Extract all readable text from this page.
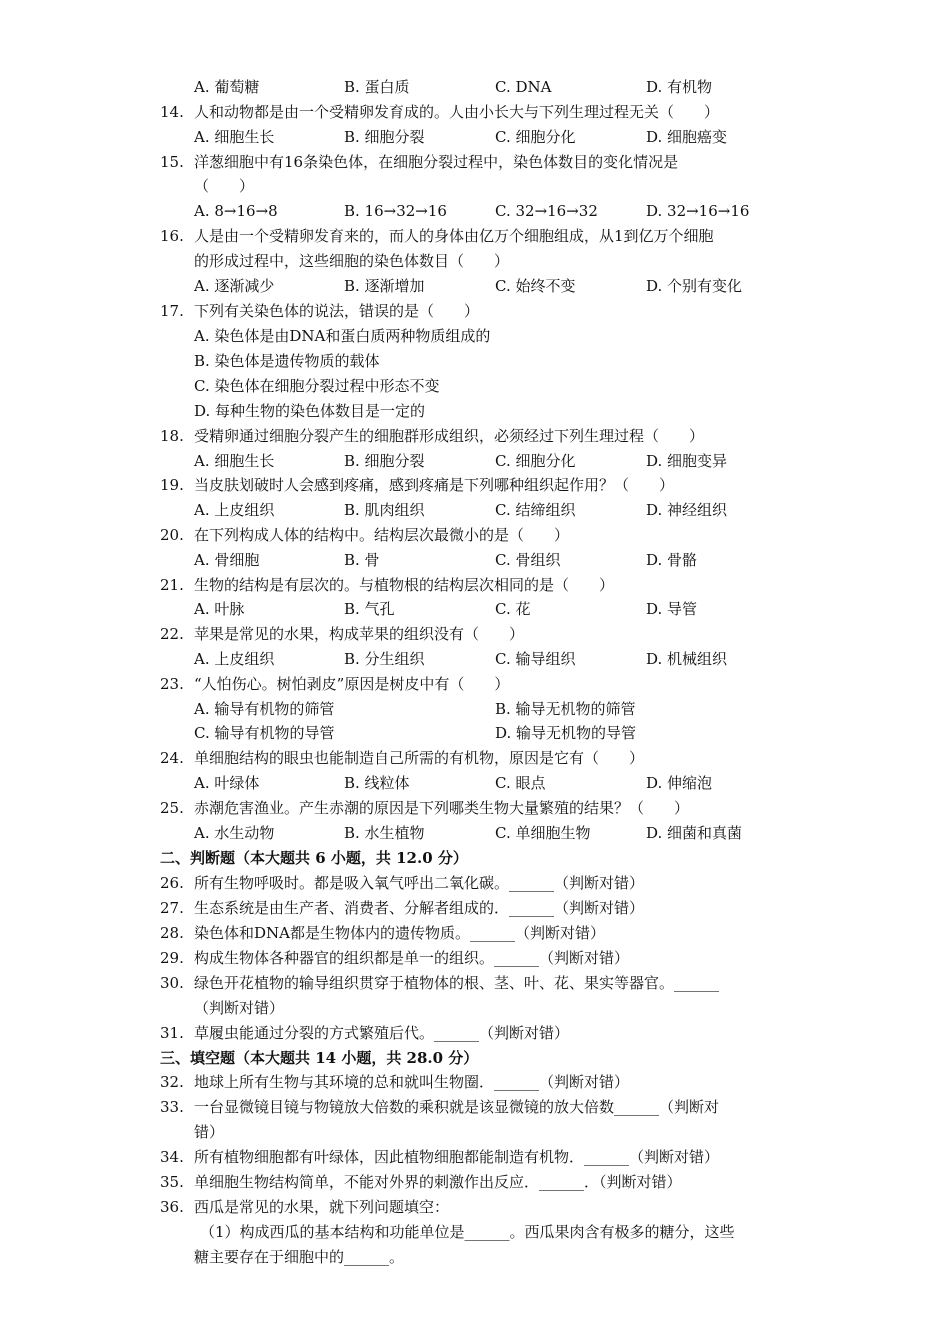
A. 葡萄糖	B. 蛋白质	C. DNA	D. 有机物
14. 人和动物都是由一个受精卵发育成的。人由小长大与下列生理过程无关（　　）
A. 细胞生长	B. 细胞分裂	C. 细胞分化	D. 细胞癌变
15. 洋葱细胞中有16条染色体，在细胞分裂过程中，染色体数目的变化情况是
（　　）
A. 8→16→8	B. 16→32→16	C. 32→16→32	D. 32→16→16
16. 人是由一个受精卵发育来的，而人的身体由亿万个细胞组成，从1到亿万个细胞
的形成过程中，这些细胞的染色体数目（　　）
A. 逐渐减少	B. 逐渐增加	C. 始终不变	D. 个别有变化
17. 下列有关染色体的说法，错误的是（　　）
A. 染色体是由DNA和蛋白质两种物质组成的
B. 染色体是遗传物质的载体
C. 染色体在细胞分裂过程中形态不变
D. 每种生物的染色体数目是一定的
18. 受精卵通过细胞分裂产生的细胞群形成组织，必须经过下列生理过程（　　）
A. 细胞生长	B. 细胞分裂	C. 细胞分化	D. 细胞变异
19. 当皮肤划破时人会感到疼痛，感到疼痛是下列哪种组织起作用？（　　）
A. 上皮组织	B. 肌肉组织	C. 结缔组织	D. 神经组织
20. 在下列构成人体的结构中。结构层次最微小的是（　　）
A. 骨细胞	B. 骨	C. 骨组织	D. 骨骼
21. 生物的结构是有层次的。与植物根的结构层次相同的是（　　）
A. 叶脉	B. 气孔	C. 花	D. 导管
22. 苹果是常见的水果，构成苹果的组织没有（　　）
A. 上皮组织	B. 分生组织	C. 输导组织	D. 机械组织
23. “人怕伤心。树怕剥皮”原因是树皮中有（　　）
A. 输导有机物的筛管	B. 输导无机物的筛管
C. 输导有机物的导管	D. 输导无机物的导管
24. 单细胞结构的眼虫也能制造自己所需的有机物，原因是它有（　　）
A. 叶绿体	B. 线粒体	C. 眼点	D. 伸缩泡
25. 赤潮危害渔业。产生赤潮的原因是下列哪类生物大量繁殖的结果？（　　）
A. 水生动物	B. 水生植物	C. 单细胞生物	D. 细菌和真菌
二、判断题（本大题共 6 小题，共 12.0 分）
26. 所有生物呼吸时。都是吸入氧气呼出二氧化碳。______（判断对错）
27. 生态系统是由生产者、消费者、分解者组成的．______（判断对错）
28. 染色体和DNA都是生物体内的遗传物质。______（判断对错）
29. 构成生物体各种器官的组织都是单一的组织。______（判断对错）
30. 绿色开花植物的输导组织贯穿于植物体的根、茎、叶、花、果实等器官。______
（判断对错）
31. 草履虫能通过分裂的方式繁殖后代。______（判断对错）
三、填空题（本大题共 14 小题，共 28.0 分）
32. 地球上所有生物与其环境的总和就叫生物圈．______（判断对错）
33. 一台显微镜目镜与物镜放大倍数的乘积就是该显微镜的放大倍数______（判断对
错）
34. 所有植物细胞都有叶绿体，因此植物细胞都能制造有机物．______（判断对错）
35. 单细胞生物结构简单，不能对外界的刺激作出反应．______．（判断对错）
36. 西瓜是常见的水果，就下列问题填空：
（1）构成西瓜的基本结构和功能单位是______。西瓜果肉含有极多的糖分，这些
糖主要存在于细胞中的______。
